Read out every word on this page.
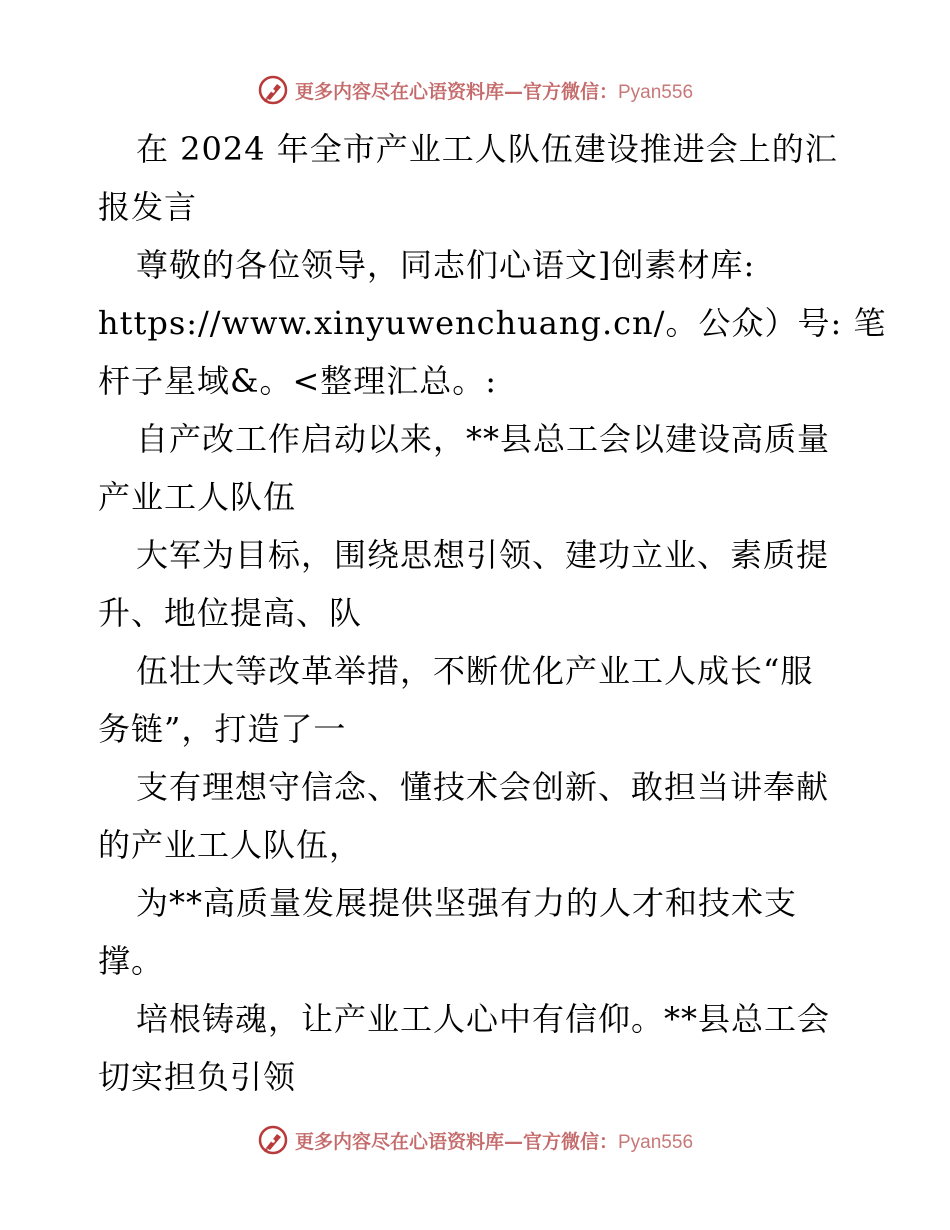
更多内容尽在心语资料库—官方微信：Pyan556
在 2024 年全市产业工人队伍建设推进会上的汇
报发言
尊敬的各位领导，同志们心语文]创素材库:
https://www.xinyuwenchuang.cn/。公众）号: 笔
杆子星域&。<整理汇总。:
自产改工作启动以来，**县总工会以建设高质量
产业工人队伍
大军为目标，围绕思想引领、建功立业、素质提
升、地位提高、队
伍壮大等改革举措，不断优化产业工人成长“服
务链”，打造了一
支有理想守信念、懂技术会创新、敢担当讲奉献
的产业工人队伍，
为**高质量发展提供坚强有力的人才和技术支
撑。
培根铸魂，让产业工人心中有信仰。**县总工会
切实担负引领
更多内容尽在心语资料库—官方微信：Pyan556
